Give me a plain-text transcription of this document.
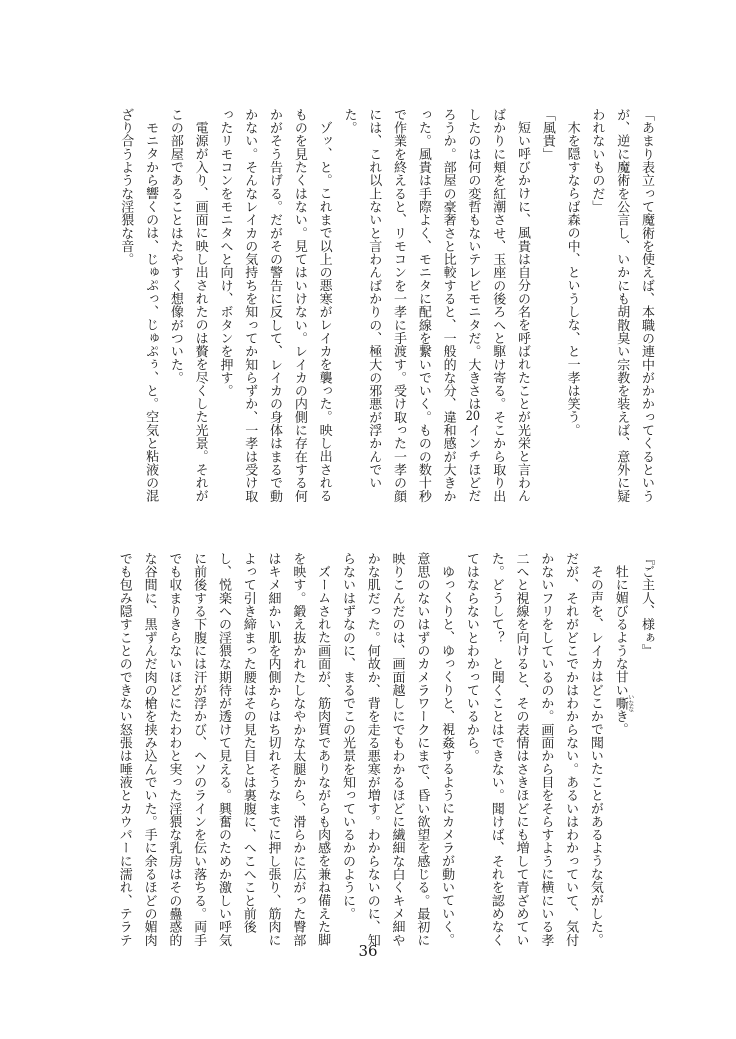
「あまり表立って魔術を使えば、本職の連中がかかってくるという
が、逆に魔術を公言し、いかにも胡散臭い宗教を装えば、意外に疑
われないものだ」
木を隠すならば森の中、というしな、と一孝は笑う。
「風貴」
短い呼びかけに、風貴は自分の名を呼ばれたことが光栄と言わん
ばかりに頬を紅潮させ、玉座の後ろへと駆け寄る。そこから取り出
したのは何の変哲もないテレビモニタだ。大きさは20インチほどだ
ろうか。部屋の豪奢さと比較すると、一般的な分、違和感が大きか
った。風貴は手際よく、モニタに配線を繋いでいく。ものの数十秒
で作業を終えると、リモコンを一孝に手渡す。受け取った一孝の顔
には、これ以上ないと言わんばかりの、極大の邪悪が浮かんでい
た。
ゾッ、と。これまで以上の悪寒がレイカを襲った。映し出される
ものを見たくはない。見てはいけない。レイカの内側に存在する何
かがそう告げる。だがその警告に反して、レイカの身体はまるで動
かない。そんなレイカの気持ちを知ってか知らずか、一孝は受け取
ったリモコンをモニタへと向け、ボタンを押す。
電源が入り、画面に映し出されたのは贅を尽くした光景。それが
この部屋であることはたやすく想像がついた。
モニタから響くのは、じゅぷっ、じゅぷぅ、と。空気と粘液の混
ざり合うような淫猥な音。
『ご主人、様ぁ』
牡に媚びるような甘い嘶 いななき。
その声を、レイカはどこかで聞いたことがあるような気がした。
だが、それがどこでかはわからない。あるいはわかっていて、気付
かないフリをしているのか。画面から目をそらすように横にいる孝
二へと視線を向けると、その表情はさきほどにも増して青ざめてい
た。どうして？　と聞くことはできない。聞けば、それを認めなく
てはならないとわかっているから。
ゆっくりと、ゆっくりと、視姦するようにカメラが動いていく。
意思のないはずのカメラワークにまで、昏い欲望を感じる。最初に
映りこんだのは、画面越しにでもわかるほどに繊細な白くキメ細や
かな肌だった。何故か、背を走る悪寒が増す。わからないのに、知
らないはずなのに、まるでこの光景を知っているかのように。
ズームされた画面が、筋肉質でありながらも肉感を兼ね備えた脚
を映す。鍛え抜かれたしなやかな太腿から、滑らかに広がった臀部
はキメ細かい肌を内側からはち切れそうなまでに押し張り、筋肉に
よって引き締まった腰はその見た目とは裏腹に、へこへこと前後
し、悦楽への淫猥な期待が透けて見える。興奮のためか激しい呼気
に前後する下腹には汗が浮かび、ヘソのラインを伝い落ちる。両手
でも収まりきらないほどにたわわと実った淫猥な乳房はその蠱惑的
な谷間に、黒ずんだ肉の槍を挟み込んでいた。手に余るほどの媚肉
でも包み隠すことのできない怒張は唾液とカウパーに濡れ、テラテ
36
